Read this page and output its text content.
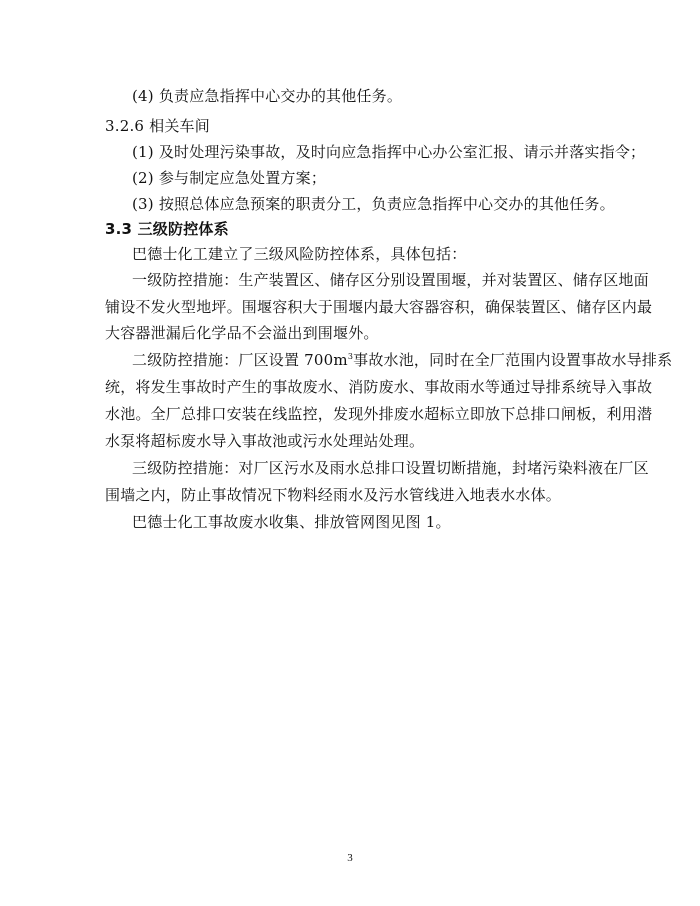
(4) 负责应急指挥中心交办的其他任务。
3.2.6 相关车间
(1) 及时处理污染事故，及时向应急指挥中心办公室汇报、请示并落实指令；
(2) 参与制定应急处置方案；
(3) 按照总体应急预案的职责分工，负责应急指挥中心交办的其他任务。
3.3 三级防控体系
巴德士化工建立了三级风险防控体系，具体包括：
一级防控措施：生产装置区、储存区分别设置围堰，并对装置区、储存区地面
铺设不发火型地坪。围堰容积大于围堰内最大容器容积，确保装置区、储存区内最
大容器泄漏后化学品不会溢出到围堰外。
二级防控措施：厂区设置 $700m^3$事故水池，同时在全厂范围内设置事故水导排系
统，将发生事故时产生的事故废水、消防废水、事故雨水等通过导排系统导入事故
水池。全厂总排口安装在线监控，发现外排废水超标立即放下总排口闸板，利用潜
水泵将超标废水导入事故池或污水处理站处理。
三级防控措施：对厂区污水及雨水总排口设置切断措施，封堵污染料液在厂区
围墙之内，防止事故情况下物料经雨水及污水管线进入地表水水体。
巴德士化工事故废水收集、排放管网图见图 1。
3
